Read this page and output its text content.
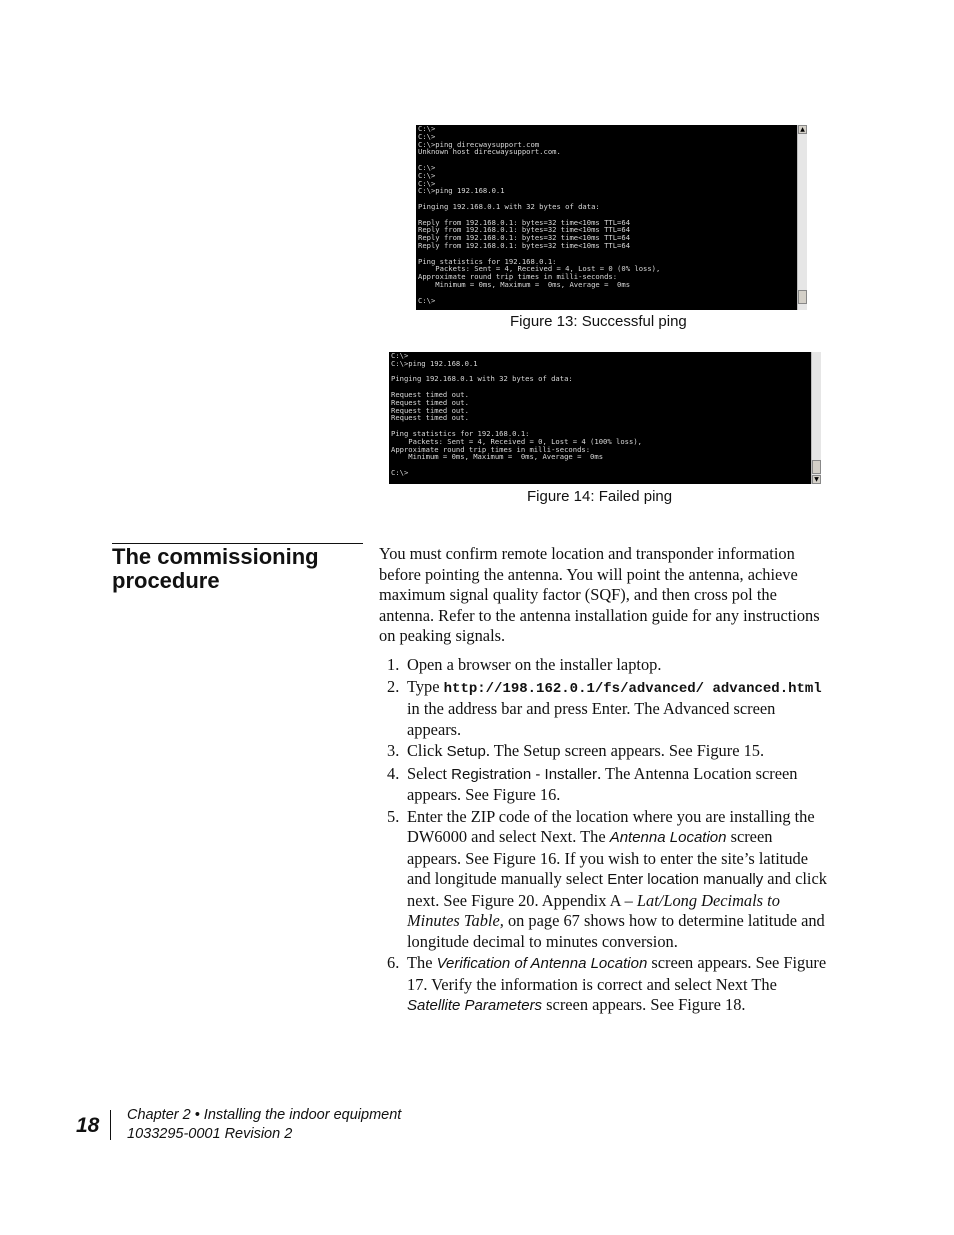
C:\>
C:\>
C:\>ping direcwaysupport.com
Unknown host direcwaysupport.com.
C:\>
C:\>
C:\>
C:\>ping 192.168.0.1
Pinging 192.168.0.1 with 32 bytes of data:
Reply from 192.168.0.1: bytes=32 time<10ms TTL=64
Reply from 192.168.0.1: bytes=32 time<10ms TTL=64
Reply from 192.168.0.1: bytes=32 time<10ms TTL=64
Reply from 192.168.0.1: bytes=32 time<10ms TTL=64
Ping statistics for 192.168.0.1:
Packets: Sent = 4, Received = 4, Lost = 0 (0% loss),
Approximate round trip times in milli-seconds:
Minimum = 0ms, Maximum =  0ms, Average =  0ms
C:\>
▲
Figure 13: Successful ping
C:\>
C:\>ping 192.168.0.1
Pinging 192.168.0.1 with 32 bytes of data:
Request timed out.
Request timed out.
Request timed out.
Request timed out.
Ping statistics for 192.168.0.1:
Packets: Sent = 4, Received = 0, Lost = 4 (100% loss),
Approximate round trip times in milli-seconds:
Minimum = 0ms, Maximum =  0ms, Average =  0ms
C:\>
▼
Figure 14: Failed ping
The commissioning procedure

You must confirm remote location and transponder information before pointing the antenna. You will point the antenna, achieve maximum signal quality factor (SQF), and then cross pol the antenna. Refer to the antenna installation guide for any instructions on peaking signals.

1. Open a browser on the installer laptop.
2. Type http://198.162.0.1/fs/advanced/ advanced.html in the address bar and press Enter. The Advanced screen appears.
3. Click Setup. The Setup screen appears. See Figure 15.
4. Select Registration - Installer. The Antenna Location screen appears. See Figure 16.
5. Enter the ZIP code of the location where you are installing the DW6000 and select Next. The Antenna Location screen appears. See Figure 16. If you wish to enter the site’s latitude and longitude manually select Enter location manually and click next. See Figure 20. Appendix A – Lat/Long Decimals to Minutes Table, on page 67 shows how to determine latitude and longitude decimal to minutes conversion.
6. The Verification of Antenna Location screen appears. See Figure 17. Verify the information is correct and select Next The Satellite Parameters screen appears. See Figure 18.
18 Chapter 2 • Installing the indoor equipment
1033295-0001 Revision 2
